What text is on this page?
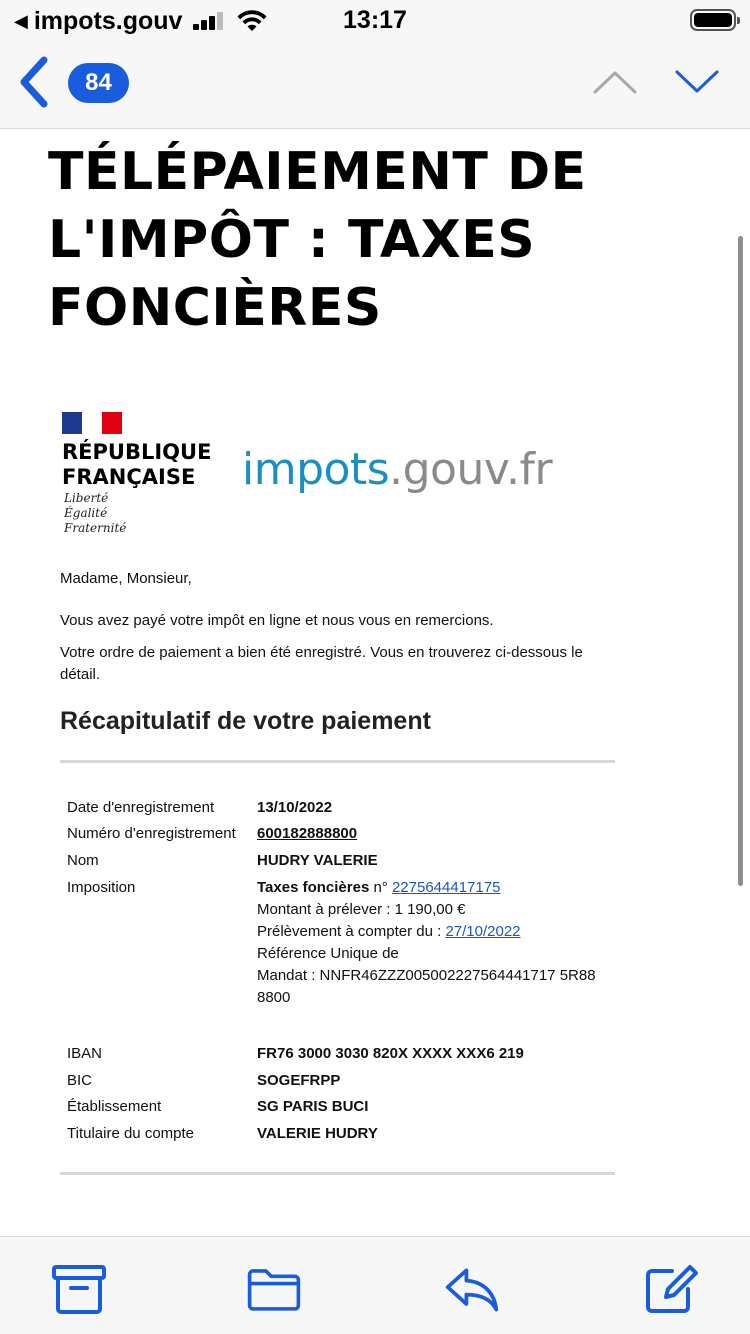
◀ impots.gouv	13:17
84
TÉLÉPAIEMENT DE L'IMPÔT : TAXES FONCIÈRES
RÉPUBLIQUE
FRANÇAISE
Liberté
Égalité
Fraternité
impots.gouv.fr
Madame, Monsieur,
Vous avez payé votre impôt en ligne et nous vous en remercions.
Votre ordre de paiement a bien été enregistré. Vous en trouverez ci-dessous le détail.
Récapitulatif de votre paiement
Date d'enregistrement	13/10/2022
Numéro d'enregistrement 600182888800
Nom	HUDRY VALERIE
Imposition	Taxes foncières n° 2275644417175
Montant à prélever : 1 190,00 €
Prélèvement à compter du : 27/10/2022
Référence Unique de
Mandat : NNFR46ZZZ005002227564441717 5R88
8800
IBAN	FR76 3000 3030 820X XXXX XXX6 219
BIC	SOGEFRPP
Établissement	SG PARIS BUCI
Titulaire du compte	VALERIE HUDRY
